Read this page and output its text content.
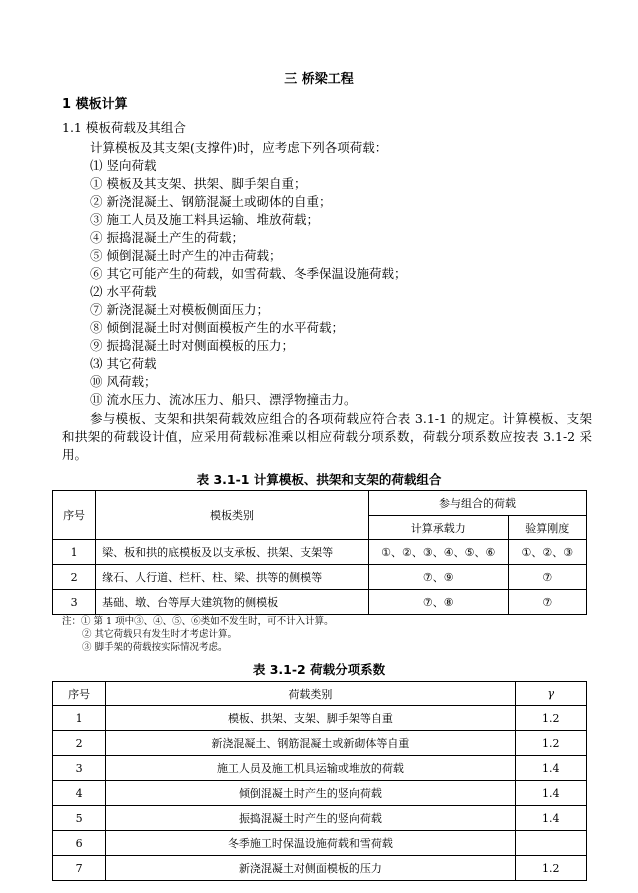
三 桥梁工程
1 模板计算
1.1 模板荷载及其组合
计算模板及其支架(支撑件)时，应考虑下列各项荷载：
⑴ 竖向荷载
① 模板及其支架、拱架、脚手架自重；
② 新浇混凝土、钢筋混凝土或砌体的自重；
③ 施工人员及施工料具运输、堆放荷载；
④ 振捣混凝土产生的荷载；
⑤ 倾倒混凝土时产生的冲击荷载；
⑥ 其它可能产生的荷载，如雪荷载、冬季保温设施荷载；
⑵ 水平荷载
⑦ 新浇混凝土对模板侧面压力；
⑧ 倾倒混凝土时对侧面模板产生的水平荷载；
⑨ 振捣混凝土时对侧面模板的压力；
⑶ 其它荷载
⑩ 风荷载；
⑪ 流水压力、流冰压力、船只、漂浮物撞击力。
参与模板、支架和拱架荷载效应组合的各项荷载应符合表 3.1-1 的规定。计算模板、支架和拱架的荷载设计值，应采用荷载标准乘以相应荷载分项系数，荷载分项系数应按表 3.1-2 采用。
表 3.1-1 计算模板、拱架和支架的荷载组合
序号	模板类别	参与组合的荷载	
		计算承载力	验算刚度
1	梁、板和拱的底模板及以支承板、拱架、支架等	①、②、③、④、⑤、⑥	①、②、③
2	缘石、人行道、栏杆、柱、梁、拱等的侧模等	⑦、⑨	⑦
3	基础、墩、台等厚大建筑物的侧模板	⑦、⑧	⑦
注：① 第 1 项中③、④、⑤、⑥类如不发生时，可不计入计算。
② 其它荷载只有发生时才考虑计算。
③ 脚手架的荷载按实际情况考虑。
表 3.1-2 荷载分项系数
序号	荷载类别	γ
1	模板、拱架、支架、脚手架等自重	1.2
2	新浇混凝土、钢筋混凝土或新砌体等自重	1.2
3	施工人员及施工机具运输或堆放的荷载	1.4
4	倾倒混凝土时产生的竖向荷载	1.4
5	振捣混凝土时产生的竖向荷载	1.4
6	冬季施工时保温设施荷载和雪荷载	
7	新浇混凝土对侧面模板的压力	1.2
